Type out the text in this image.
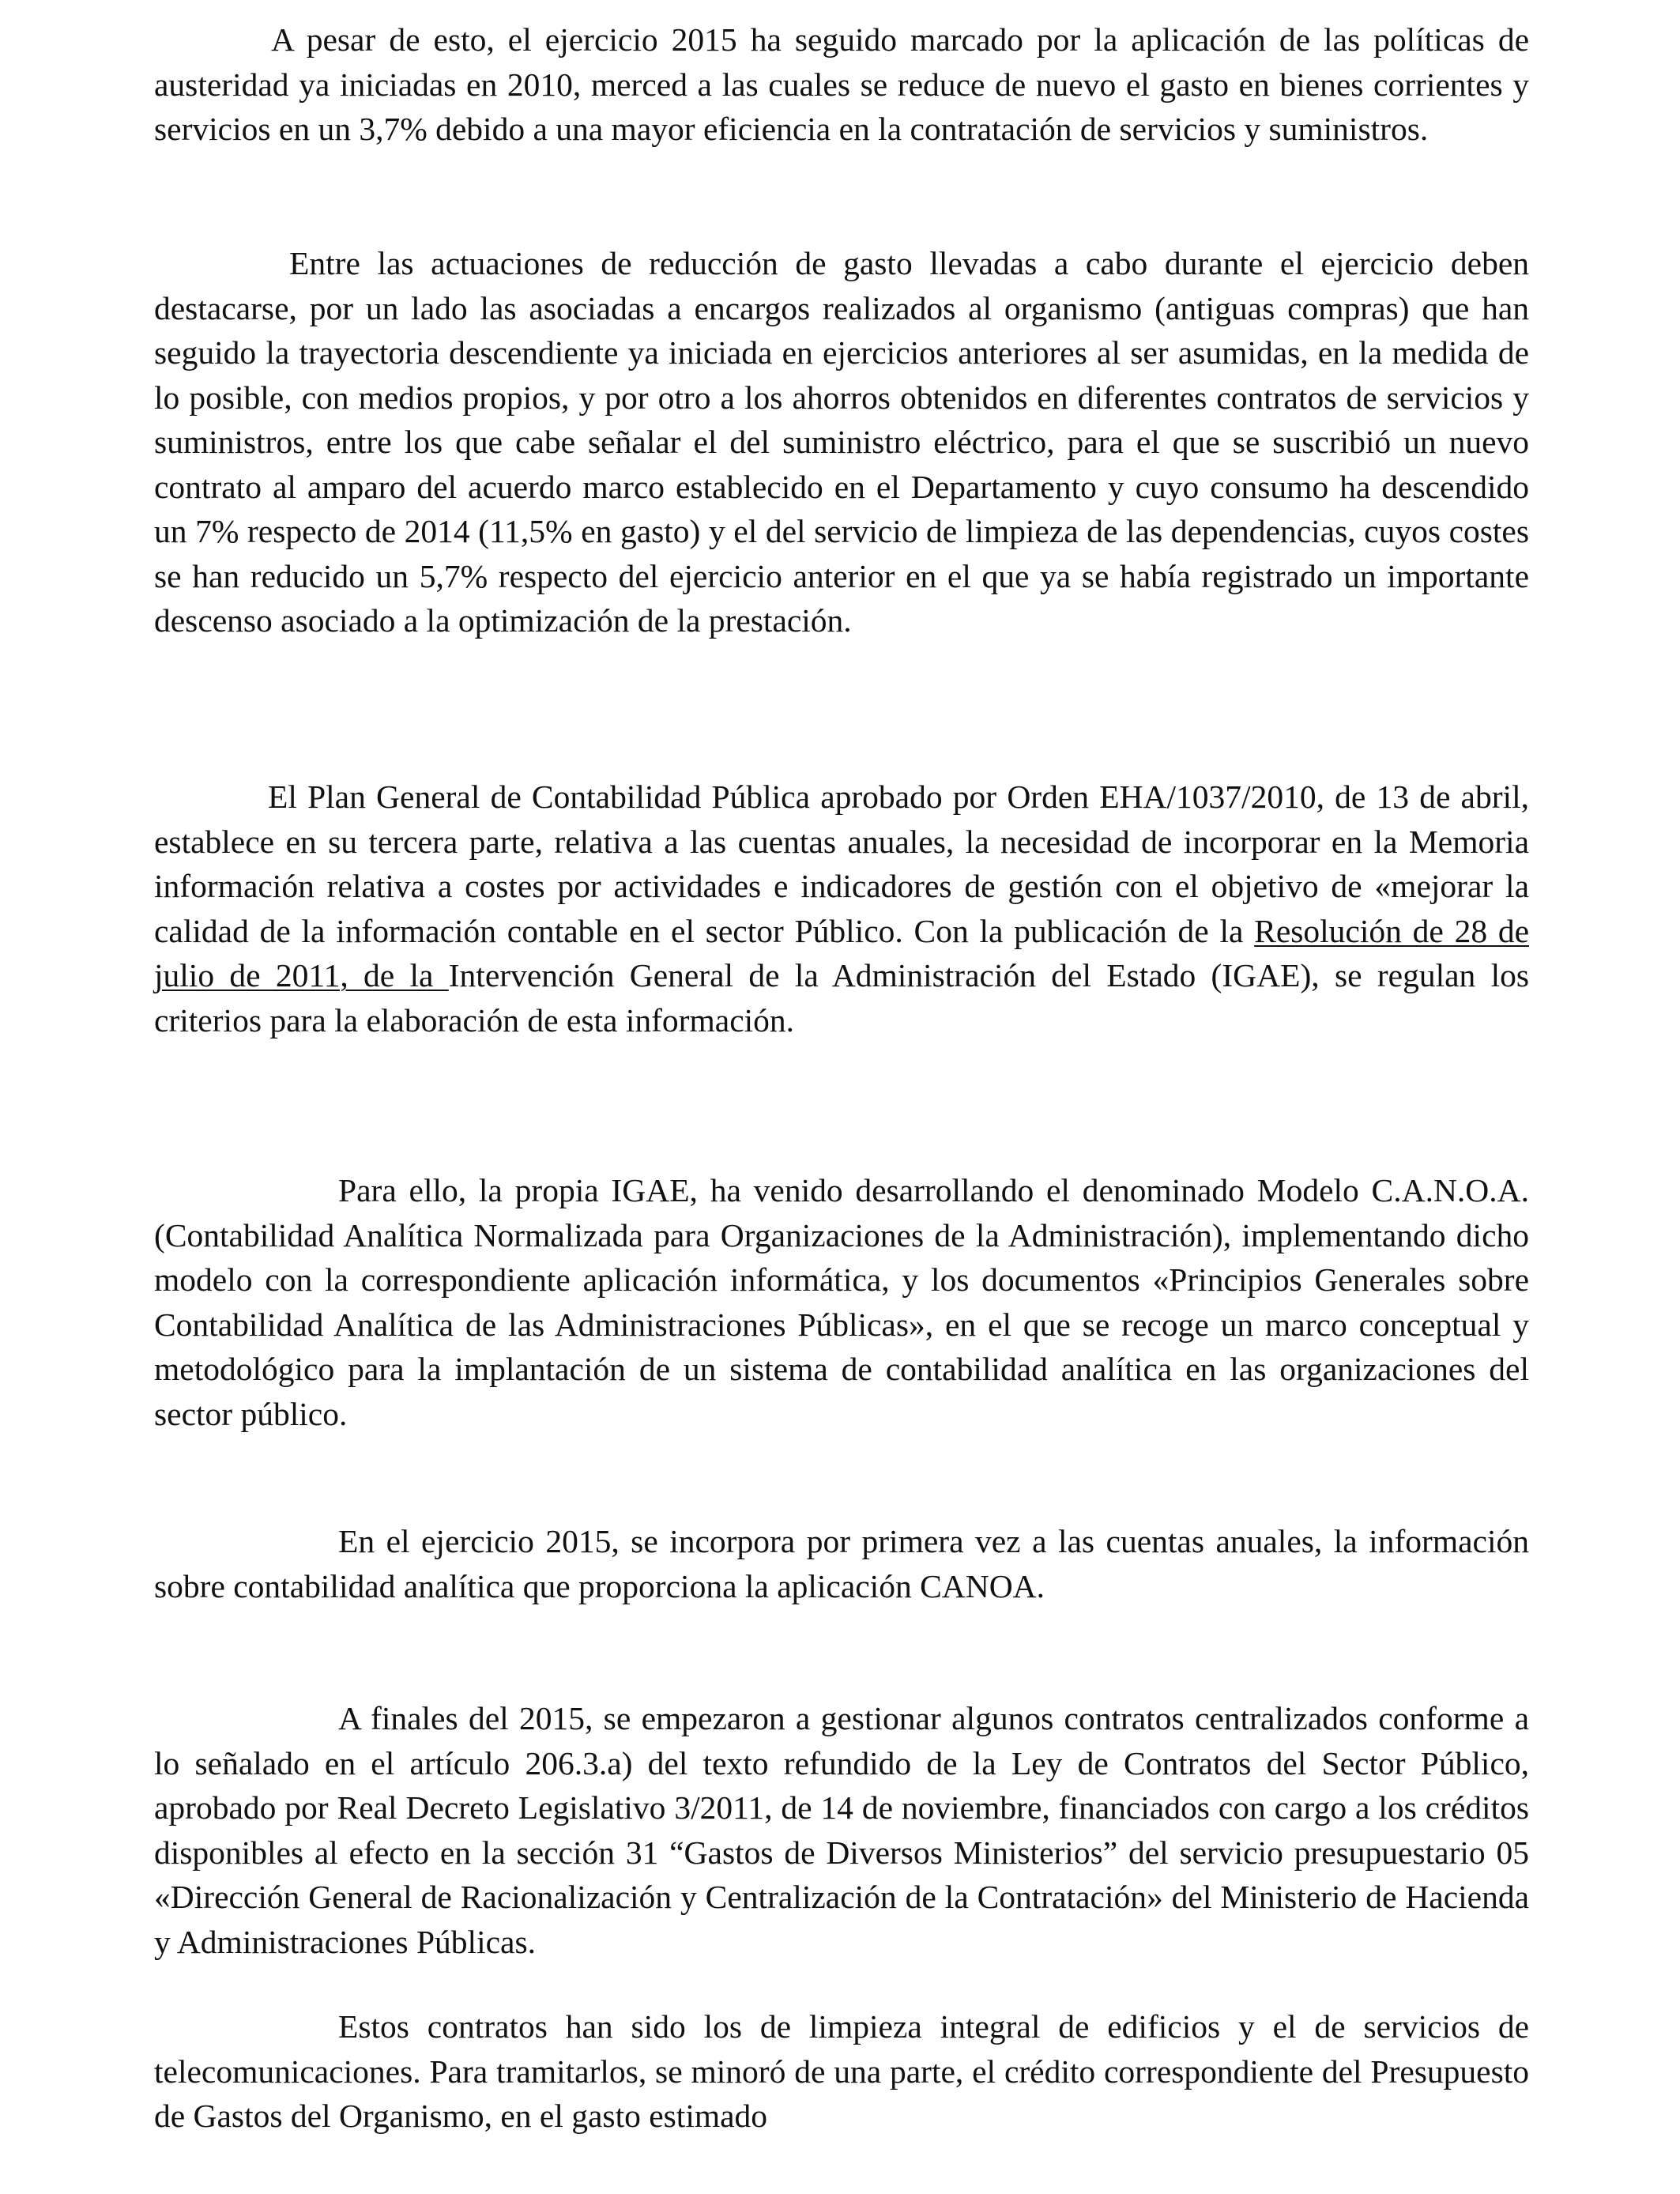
A pesar de esto, el ejercicio 2015 ha seguido marcado por la aplicación de las políticas de austeridad ya iniciadas en 2010, merced a las cuales se reduce de nuevo el gasto en bienes corrientes y servicios en un 3,7% debido a una mayor eficiencia en la contratación de servicios y suministros.

Entre las actuaciones de reducción de gasto llevadas a cabo durante el ejercicio deben destacarse, por un lado las asociadas a encargos realizados al organismo (antiguas compras) que han seguido la trayectoria descendiente ya iniciada en ejercicios anteriores al ser asumidas, en la medida de lo posible, con medios propios, y por otro a los ahorros obtenidos en diferentes contratos de servicios y suministros, entre los que cabe señalar el del suministro eléctrico, para el que se suscribió un nuevo contrato al amparo del acuerdo marco establecido en el Departamento y cuyo consumo ha descendido un 7% respecto de 2014 (11,5% en gasto) y el del servicio de limpieza de las dependencias, cuyos costes se han reducido un 5,7% respecto del ejercicio anterior en el que ya se había registrado un importante descenso asociado a la optimización de la prestación.

El Plan General de Contabilidad Pública aprobado por Orden EHA/1037/2010, de 13 de abril, establece en su tercera parte, relativa a las cuentas anuales, la necesidad de incorporar en la Memoria información relativa a costes por actividades e indicadores de gestión con el objetivo de «mejorar la calidad de la información contable en el sector Público. Con la publicación de la Resolución de 28 de julio de 2011, de la Intervención General de la Administración del Estado (IGAE), se regulan los criterios para la elaboración de esta información.

Para ello, la propia IGAE, ha venido desarrollando el denominado Modelo C.A.N.O.A. (Contabilidad Analítica Normalizada para Organizaciones de la Administración), implementando dicho modelo con la correspondiente aplicación informática, y los documentos «Principios Generales sobre Contabilidad Analítica de las Administraciones Públicas», en el que se recoge un marco conceptual y metodológico para la implantación de un sistema de contabilidad analítica en las organizaciones del sector público.

En el ejercicio 2015, se incorpora por primera vez a las cuentas anuales, la información sobre contabilidad analítica que proporciona la aplicación CANOA.

A finales del 2015, se empezaron a gestionar algunos contratos centralizados conforme a lo señalado en el artículo 206.3.a) del texto refundido de la Ley de Contratos del Sector Público, aprobado por Real Decreto Legislativo 3/2011, de 14 de noviembre, financiados con cargo a los créditos disponibles al efecto en la sección 31 “Gastos de Diversos Ministerios” del servicio presupuestario 05 «Dirección General de Racionalización y Centralización de la Contratación» del Ministerio de Hacienda y Administraciones Públicas.

Estos contratos han sido los de limpieza integral de edificios y el de servicios de telecomunicaciones. Para tramitarlos, se minoró de una parte, el crédito correspondiente del Presupuesto de Gastos del Organismo, en el gasto estimado
